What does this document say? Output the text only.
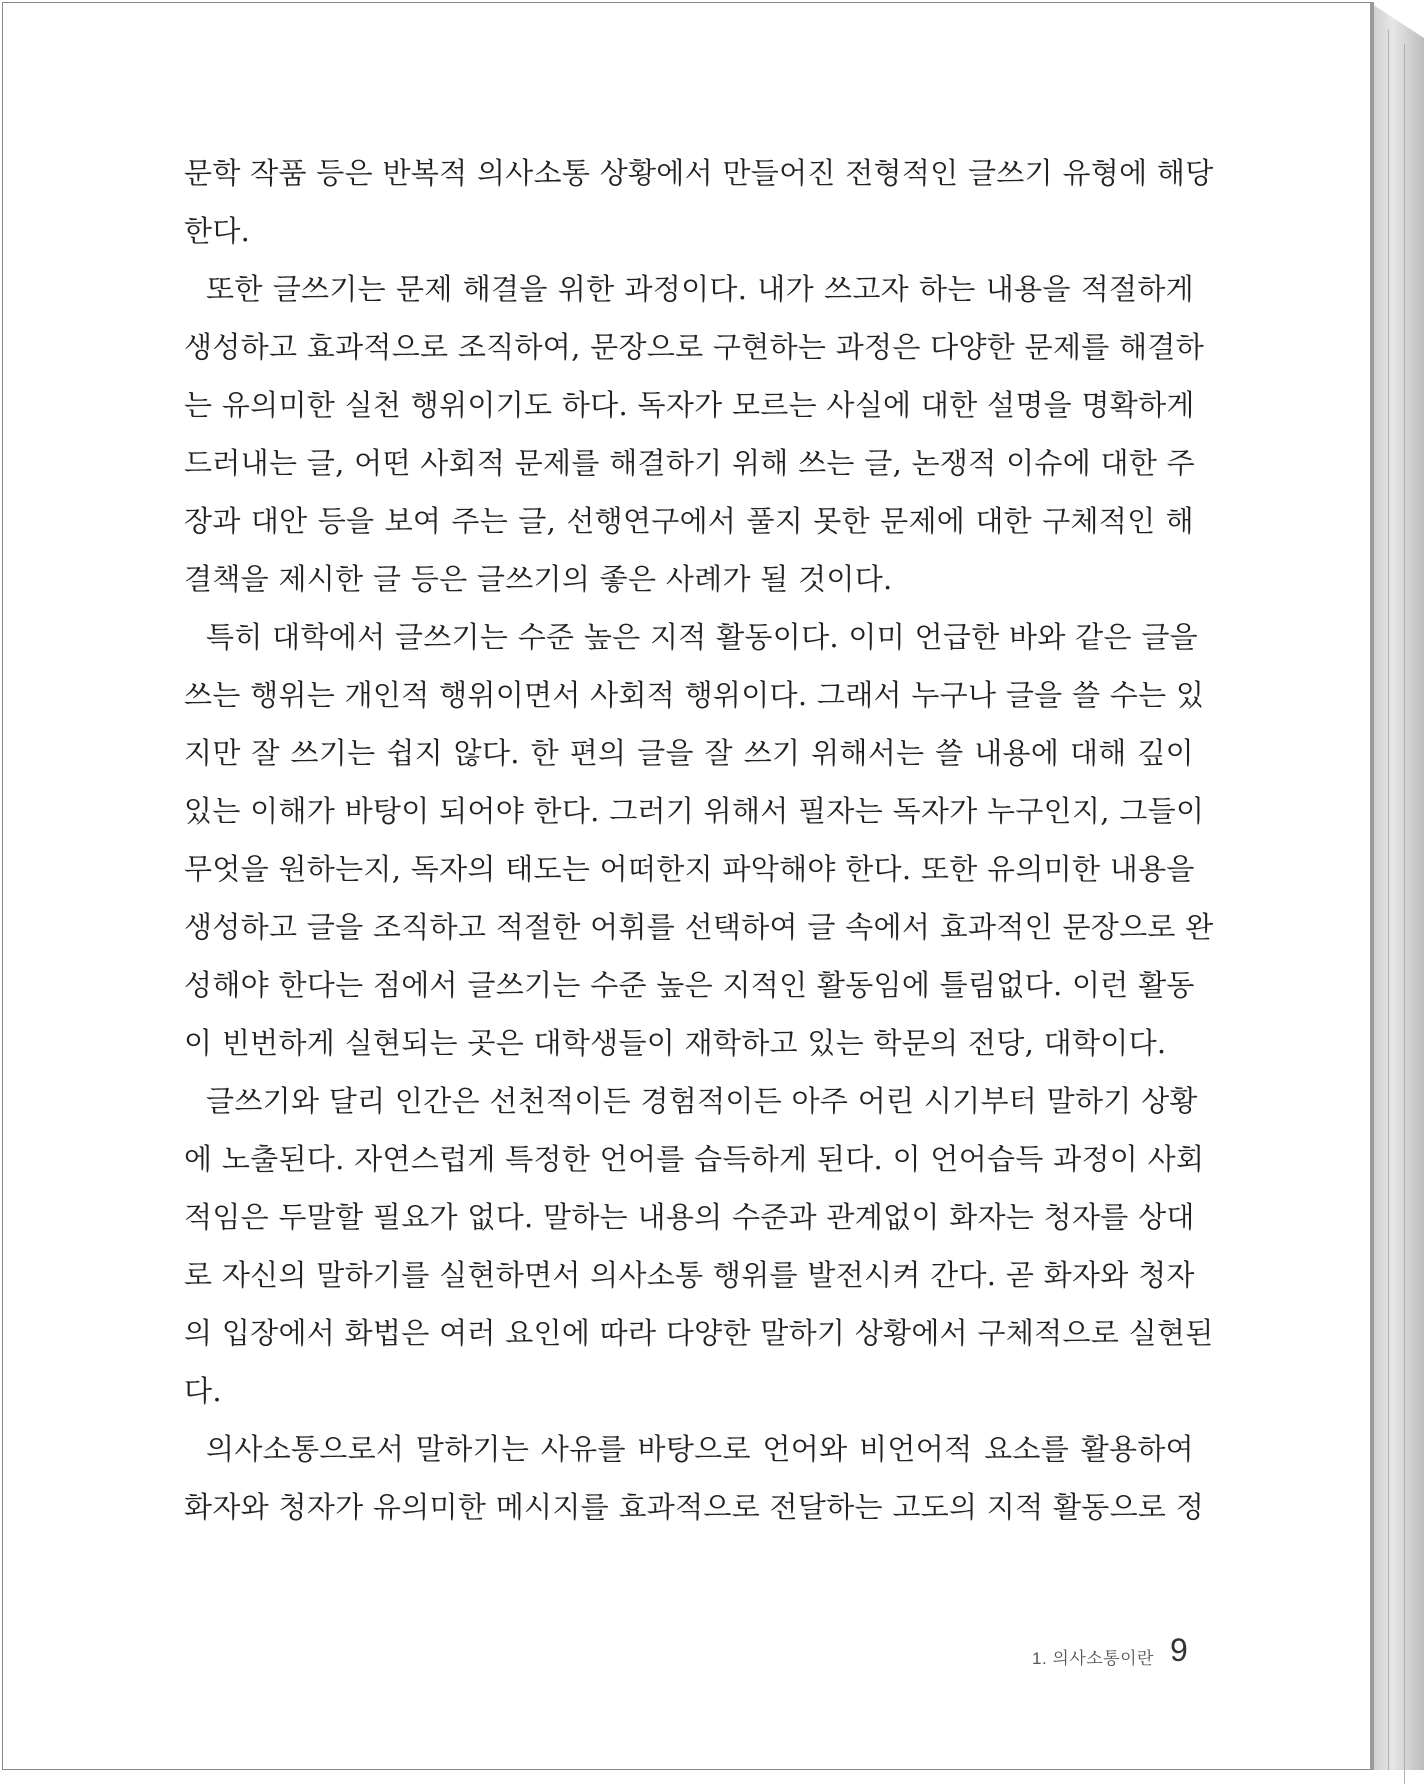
문학 작품 등은 반복적 의사소통 상황에서 만들어진 전형적인 글쓰기 유형에 해당
한다.
또한 글쓰기는 문제 해결을 위한 과정이다. 내가 쓰고자 하는 내용을 적절하게
생성하고 효과적으로 조직하여, 문장으로 구현하는 과정은 다양한 문제를 해결하
는 유의미한 실천 행위이기도 하다. 독자가 모르는 사실에 대한 설명을 명확하게
드러내는 글, 어떤 사회적 문제를 해결하기 위해 쓰는 글, 논쟁적 이슈에 대한 주
장과 대안 등을 보여 주는 글, 선행연구에서 풀지 못한 문제에 대한 구체적인 해
결책을 제시한 글 등은 글쓰기의 좋은 사례가 될 것이다.
특히 대학에서 글쓰기는 수준 높은 지적 활동이다. 이미 언급한 바와 같은 글을
쓰는 행위는 개인적 행위이면서 사회적 행위이다. 그래서 누구나 글을 쓸 수는 있
지만 잘 쓰기는 쉽지 않다. 한 편의 글을 잘 쓰기 위해서는 쓸 내용에 대해 깊이
있는 이해가 바탕이 되어야 한다. 그러기 위해서 필자는 독자가 누구인지, 그들이
무엇을 원하는지, 독자의 태도는 어떠한지 파악해야 한다. 또한 유의미한 내용을
생성하고 글을 조직하고 적절한 어휘를 선택하여 글 속에서 효과적인 문장으로 완
성해야 한다는 점에서 글쓰기는 수준 높은 지적인 활동임에 틀림없다. 이런 활동
이 빈번하게 실현되는 곳은 대학생들이 재학하고 있는 학문의 전당, 대학이다.
글쓰기와 달리 인간은 선천적이든 경험적이든 아주 어린 시기부터 말하기 상황
에 노출된다. 자연스럽게 특정한 언어를 습득하게 된다. 이 언어습득 과정이 사회
적임은 두말할 필요가 없다. 말하는 내용의 수준과 관계없이 화자는 청자를 상대
로 자신의 말하기를 실현하면서 의사소통 행위를 발전시켜 간다. 곧 화자와 청자
의 입장에서 화법은 여러 요인에 따라 다양한 말하기 상황에서 구체적으로 실현된
다.
의사소통으로서 말하기는 사유를 바탕으로 언어와 비언어적 요소를 활용하여
화자와 청자가 유의미한 메시지를 효과적으로 전달하는 고도의 지적 활동으로 정
1. 의사소통이란 9
